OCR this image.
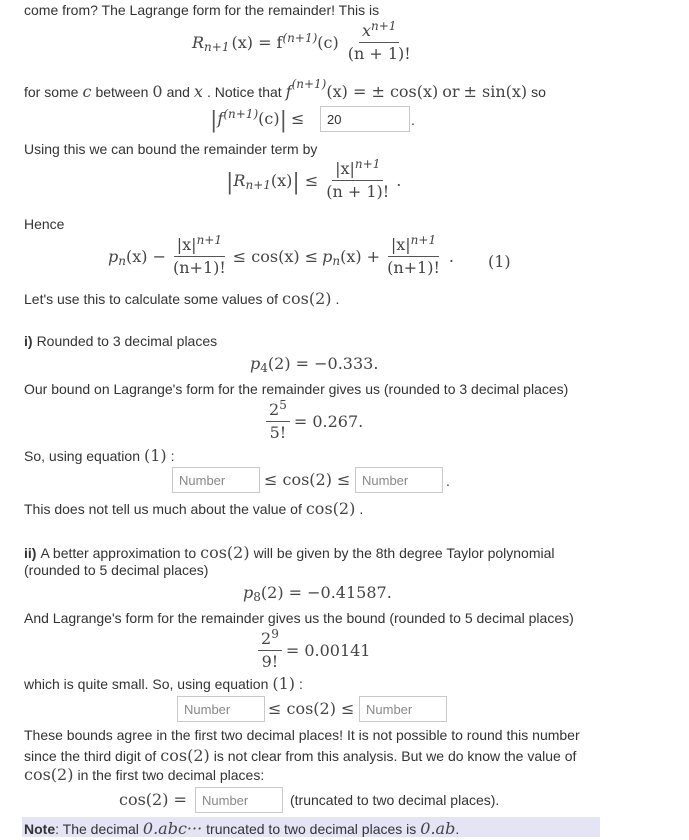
come from? The Lagrange form for the remainder! This is
R n+1 (x) = f (n+1) $(c) \frac{x^{n+1}}{(n + 1)!}$
for some c between 0 and x . Notice that $f^{(n+1)}(x)$ = ± cos(x) or ± sin(x) so
| f (n+1) (c) | ≤
20	.
Using this we can bound the remainder term by
| R n+1 (x) | ≤ $\frac{|x|^{n+1}}{(n + 1)!}$ .
Hence
p n $(x) - \frac{|x|^{n+1}}{(n+1)!} \le \cos(x) \le p$ n $(x) + \frac{|x|^{n+1}}{(n+1)!}$ . (1)
Let's use this to calculate some values of cos(2) .
i) Rounded to 3 decimal places
p 4 (2) = −0.333.
Our bound on Lagrange's form for the remainder gives us (rounded to 3 decimal places)
$\frac{2^5}{5!} = 0.267$.
So, using equation (1) :
Number
≤ cos(2) ≤
Number	.
This does not tell us much about the value of cos(2) .
ii) A better approximation to cos(2) will be given by the 8th degree Taylor polynomial
(rounded to 5 decimal places)
p 8 (2) = −0.41587.
And Lagrange's form for the remainder gives us the bound (rounded to 5 decimal places)
$\frac{2^9}{9!} = 0.00141$
which is quite small. So, using equation (1) :
Number
≤ cos(2) ≤
Number
These bounds agree in the first two decimal places! It is not possible to round this number
since the third digit of cos(2) is not clear from this analysis. But we do know the value of
cos(2) in the first two decimal places:
cos(2) =
Number	(truncated to two decimal places).
Note : The decimal 0.abc··· truncated to two decimal places is 0.ab .
